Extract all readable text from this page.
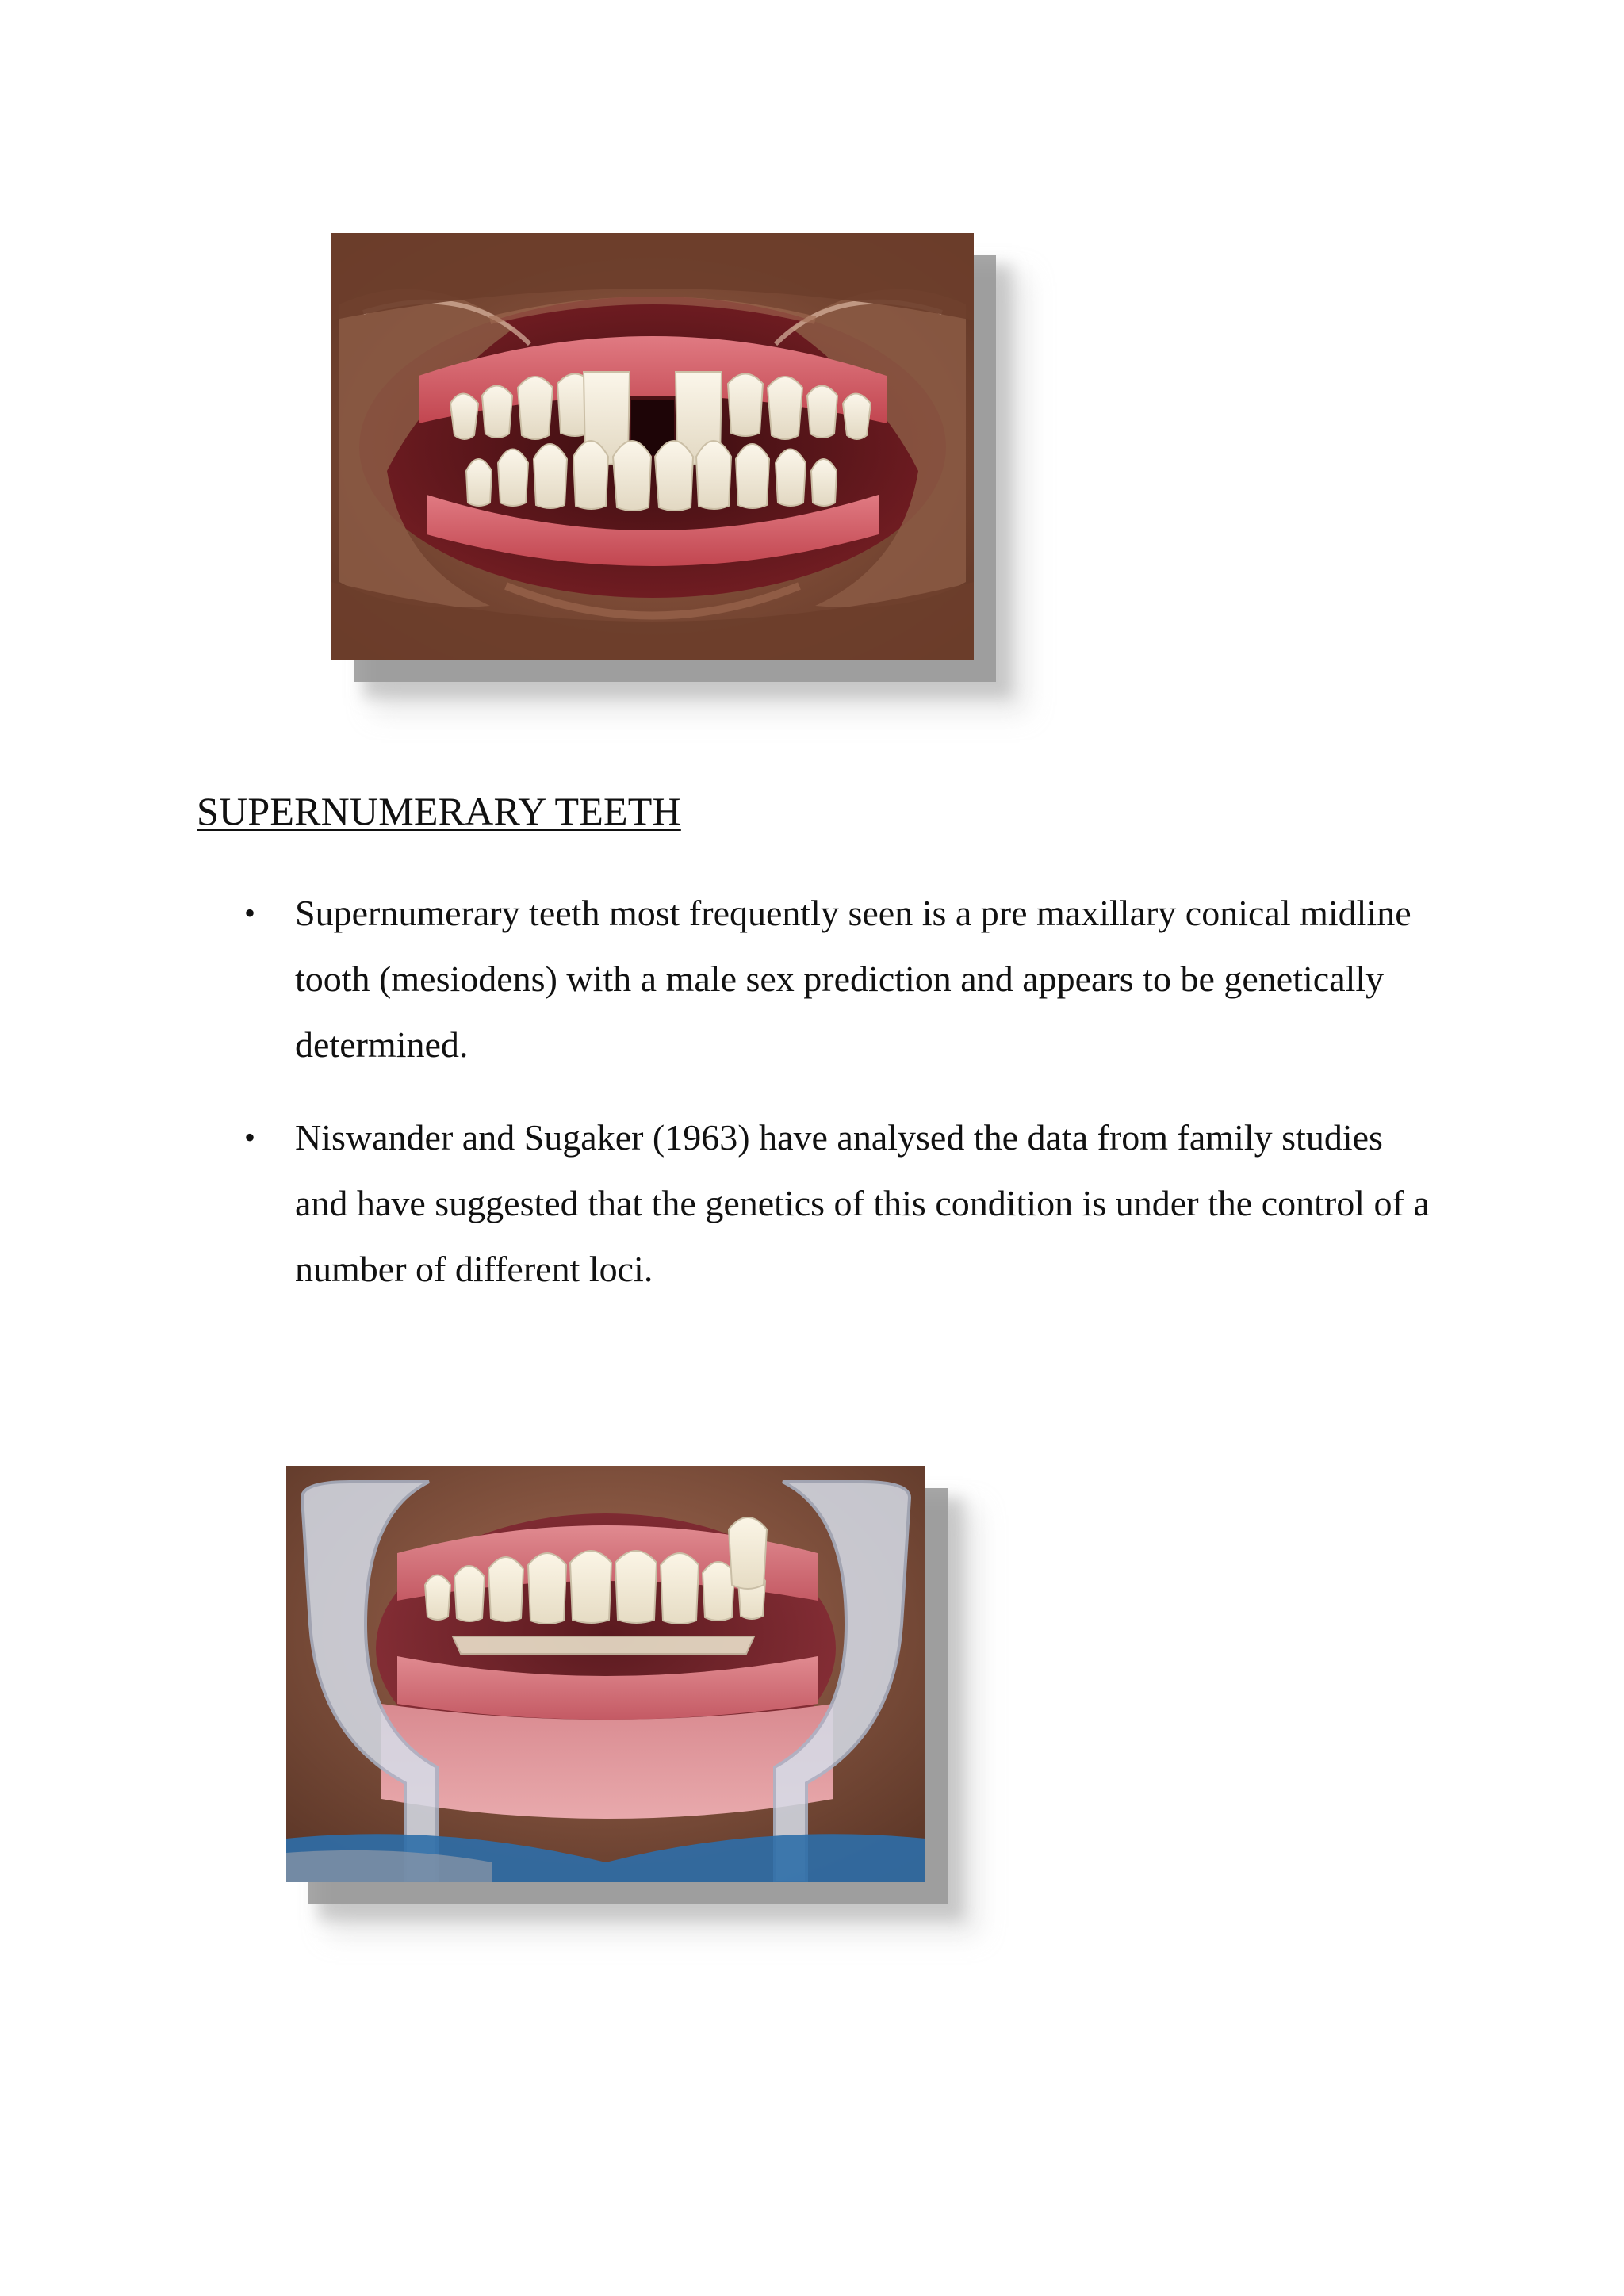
SUPERNUMERARY TEETH
• Supernumerary teeth most frequently seen is a pre maxillary conical midline tooth (mesiodens) with a male sex prediction and appears to be genetically determined.
• Niswander and Sugaker (1963) have analysed the data from family studies and have suggested that the genetics of this condition is under the control of a number of different loci.
